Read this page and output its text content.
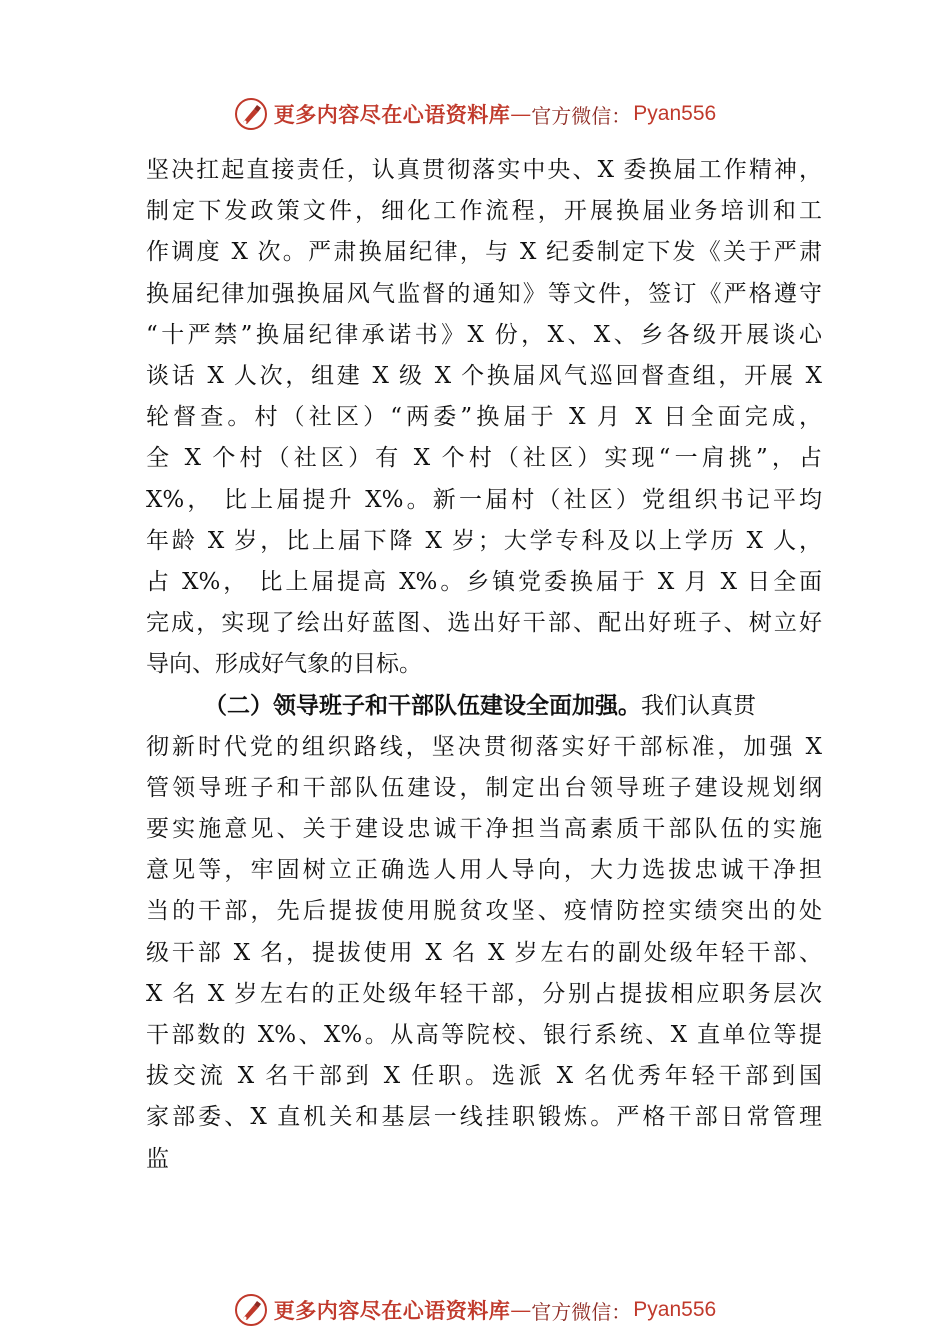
更多内容尽在心语资料库 — 官方微信： Pyan556
坚决扛起直接责任，认真贯彻落实中央、X 委换届工作精神，
制定下发政策文件，细化工作流程，开展换届业务培训和工
作调度 X 次。严肃换届纪律，与 X 纪委制定下发《关于严肃
换届纪律加强换届风气监督的通知》等文件，签订《严格遵守
“十严禁”换届纪律承诺书》X 份，X、X、乡各级开展谈心
谈话 X 人次，组建 X 级 X 个换届风气巡回督查组，开展 X
轮督查。村（社区）“两委”换届于 X 月 X 日全面完成，
全 X 个村（社区）有 X 个村（社区）实现“一肩挑”，占
X%， 比上届提升 X%。新一届村（社区）党组织书记平均
年龄 X 岁，比上届下降 X 岁；大学专科及以上学历 X 人，
占 X%， 比上届提高 X%。乡镇党委换届于 X 月 X 日全面
完成，实现了绘出好蓝图、选出好干部、配出好班子、树立好
导向、形成好气象的目标。
（二）领导班子和干部队伍建设全面加强。我们认真贯
彻新时代党的组织路线，坚决贯彻落实好干部标准，加强 X
管领导班子和干部队伍建设，制定出台领导班子建设规划纲
要实施意见、关于建设忠诚干净担当高素质干部队伍的实施
意见等，牢固树立正确选人用人导向，大力选拔忠诚干净担
当的干部，先后提拔使用脱贫攻坚、疫情防控实绩突出的处
级干部 X 名，提拔使用 X 名 X 岁左右的副处级年轻干部、
X 名 X 岁左右的正处级年轻干部，分别占提拔相应职务层次
干部数的 X%、X%。从高等院校、银行系统、X 直单位等提
拔交流 X 名干部到 X 任职。选派 X 名优秀年轻干部到国
家部委、X 直机关和基层一线挂职锻炼。严格干部日常管理
监
更多内容尽在心语资料库 — 官方微信： Pyan556
